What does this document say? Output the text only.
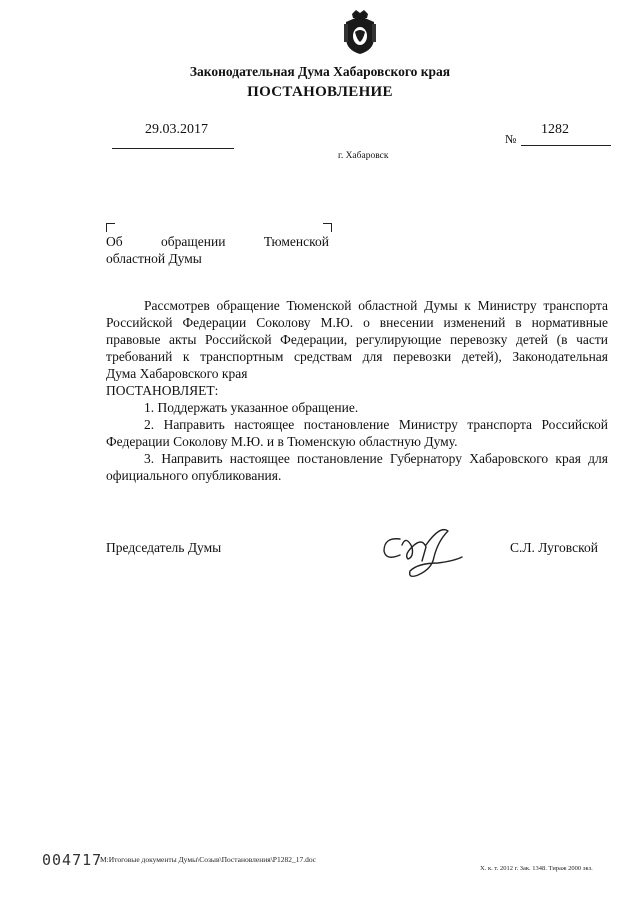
Законодательная Дума Хабаровского края
ПОСТАНОВЛЕНИЕ
29.03.2017
№
1282
г. Хабаровск
Об	обращении	Тюменской
областной Думы
Рассмотрев обращение Тюменской областной Думы к Министру транспорта
Российской Федерации Соколову М.Ю. о внесении изменений в нормативные
правовые акты Российской Федерации, регулирующие перевозку детей (в части
требований к транспортным средствам для перевозки детей), Законодательная
Дума Хабаровского края
ПОСТАНОВЛЯЕТ:
1. Поддержать указанное обращение.
2. Направить настоящее постановление Министру транспорта Российской
Федерации Соколову М.Ю. и в Тюменскую областную Думу.
3. Направить настоящее постановление Губернатору Хабаровского края для
официального опубликования.
Председатель Думы	С.Л. Луговской
004717
М:Итоговые документы Думы\Созыв\Постановления\Р1282_17.doc
Х. к. т. 2012 г. Зак. 1348. Тираж 2000 экз.
